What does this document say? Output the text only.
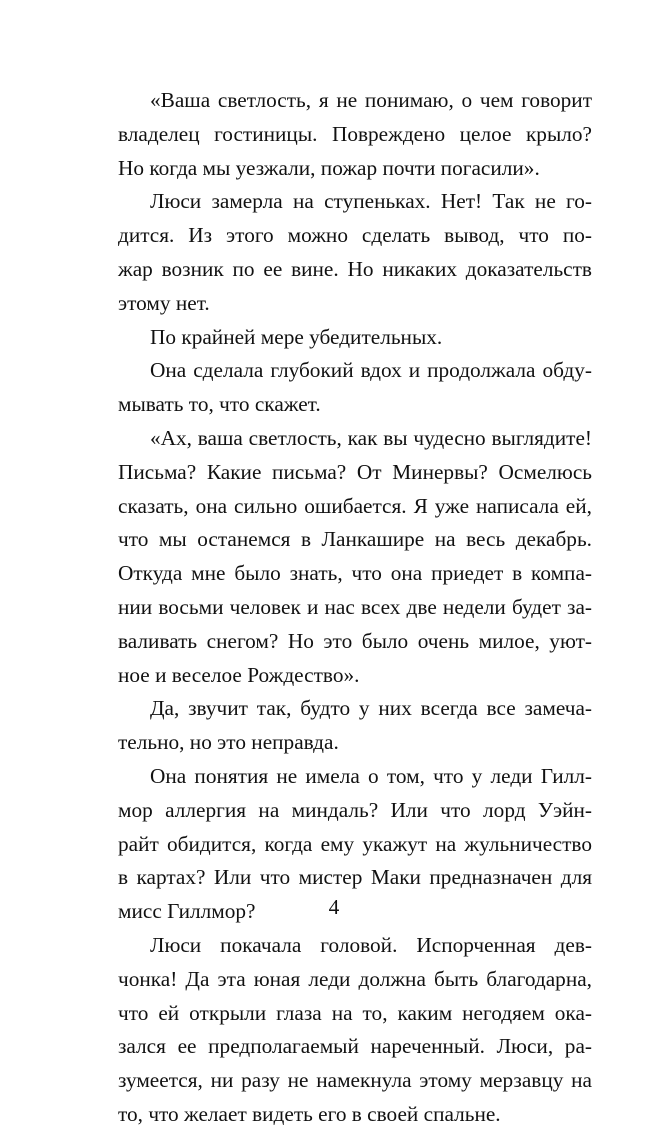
«Ваша светлость, я не понимаю, о чем говорит
владелец гостиницы. Повреждено целое крыло?
Но когда мы уезжали, пожар почти погасили».
Люси замерла на ступеньках. Нет! Так не го-
дится. Из этого можно сделать вывод, что по-
жар возник по ее вине. Но никаких доказательств
этому нет.
По крайней мере убедительных.
Она сделала глубокий вдох и продолжала обду-
мывать то, что скажет.
«Ах, ваша светлость, как вы чудесно выглядите!
Письма? Какие письма? От Минервы? Осмелюсь
сказать, она сильно ошибается. Я уже написала ей,
что мы останемся в Ланкашире на весь декабрь.
Откуда мне было знать, что она приедет в компа-
нии восьми человек и нас всех две недели будет за-
валивать снегом? Но это было очень милое, уют-
ное и веселое Рождество».
Да, звучит так, будто у них всегда все замеча-
тельно, но это неправда.
Она понятия не имела о том, что у леди Гилл-
мор аллергия на миндаль? Или что лорд Уэйн-
райт обидится, когда ему укажут на жульничество
в картах? Или что мистер Маки предназначен для
мисс Гиллмор?
Люси покачала головой. Испорченная дев-
чонка! Да эта юная леди должна быть благодарна,
что ей открыли глаза на то, каким негодяем ока-
зался ее предполагаемый нареченный. Люси, ра-
зумеется, ни разу не намекнула этому мерзавцу на
то, что желает видеть его в своей спальне.
4
